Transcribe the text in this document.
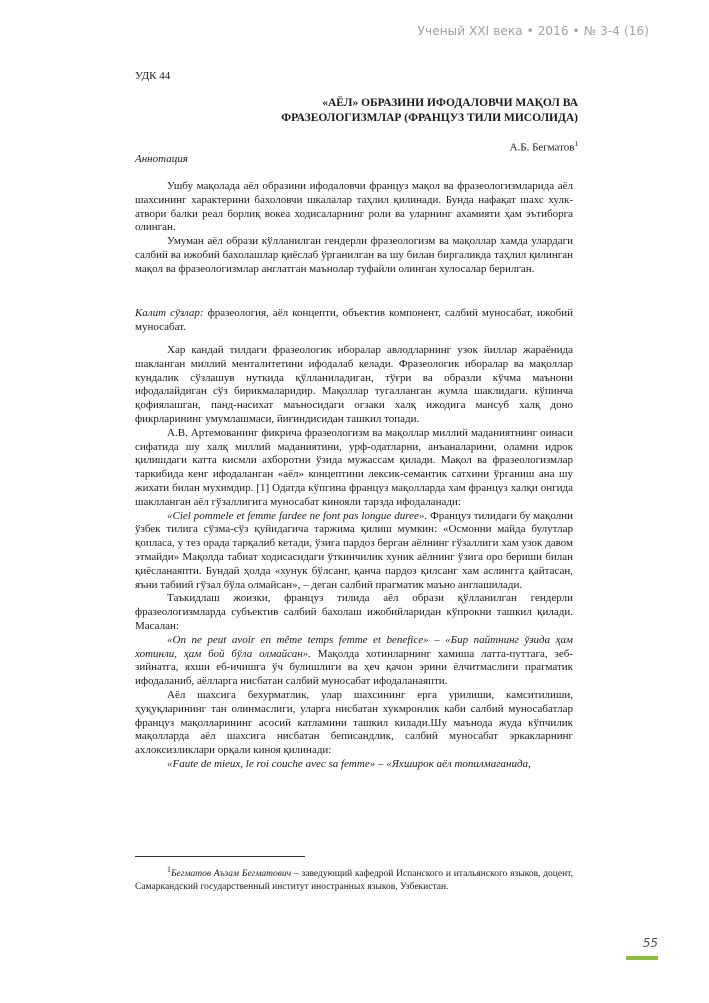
Ученый XXI века • 2016 • № 3-4 (16)
УДК 44
«АЁЛ» ОБРАЗИНИ ИФОДАЛОВЧИ МАҚОЛ ВА
ФРАЗЕОЛОГИЗМЛАР (ФРАНЦУЗ ТИЛИ МИСОЛИДА)
А.Б. Бегматов$^1$
Аннотация

Ушбу мақолада аёл образини ифодаловчи француз мақол ва фразеологизмларида аёл шахсининг характерини бахоловчи шкалалар таҳлил қилинади. Бунда нафақат шахс хулк-атвори балки реал борлиқ вокеа ходисаларнинг роли ва уларнинг ахамияти ҳам эътиборга олинган.

Умуман аёл образи кўлланилган гендерли фразеологизм ва мақоллар хамда улардаги салбий ва ижобий бахолашлар қиёслаб ўрганилган ва шу билан биргаликда таҳлил қилинган мақол ва фразеологизмлар англатган маънолар туфайли олинган хулосалар берилган.

Калит сўзлар: фразеология, аёл концепти, объектив компонент, салбий муносабат, ижобий муносабат.

Хар кандай тилдаги фразеологик иборалар авлодларнинг узок йиллар жараёнида шакланган миллий менталитетини ифодалаб келади. Фразеологик иборалар ва мақоллар кундалик сўзлашув нуткида қўлланиладиган, тўғри ва образли кўчма маънони ифодалайдиган сўз бирикмаларидир. Мақоллар тугалланган жумла шаклидаги. кўпинча қофиялашган, панд-насихат маъносидаги огзаки халқ ижодига мансуб халқ доно фикрларининг умумлашмаси, йиғиндисидан ташкил топади.

А.В. Артемованинг фикрича фразеологизм ва мақоллар миллий маданиятнинг оинаси сифатида шу халқ миллий маданиятини, урф-одатларни, анъаналарини, оламни идрок қилишдаги катта кисмли ахборотни ўзида мужассам қилади. Мақол ва фразеологизмлар таркибида кенг ифодаланган «аёл» концептини лексик-семантик сатхини ўрганиш ана шу жихати билан мухимдир. [1] Одатда кўпгина француз мақолларда хам француз халқи онгида шаклланган аёл гўзаллигига муносабат кинояли тарзда ифодаланади:

«Ciel pommele et femme fardee ne font pas longue duree». Француз тилидаги бу мақолни ўзбек тилига сўзма-сўз қуйидагича таржима қилиш мумкин: «Осмонни майда булутлар қопласа, у тез орада тарқалиб кетади, ўзига пардоз берган аёлнинг гўзаллиги хам узок давом этмайди» Мақолда табиат ходисасидаги ўткинчилик хуник аёлнинг ўзига оро бериши билан қиёсланаяпти. Бундай ҳолда «хунук бўлсанг, қанча пардоз қилсанг хам аслингга қайтасан, яъни табиий гўзал бўла олмайсан», – деган салбий прагматик маъно англашилади.

Таъкидлаш жоизки, француз тилида аёл образи қўлланилган гендерли фразеологизмларда субъектив салбий бахолаш ижобийларидан кўпрокни ташкил қилади. Масалан:

«On ne peut avoir en même temps femme et benefice» – «Бир пайтнинг ўзида ҳам хотинли, ҳам бой бўла олмайсан». Мақолда хотинларнинг хамиша латта-путтага, зеб-зийнатга, яхши еб-ичишга ўч булишлиги ва ҳеч қачон эрини ёлчитмаслиги прагматик ифодаланиб, аёлларга нисбатан салбий муносабат ифодаланаяпти.

Аёл шахсига бехурматлик, улар шахсининг ерга урилиши, камситилиши, ҳуқуқларининг тан олинмаслиги, уларга нисбатан хукмронлик каби салбий муносабатлар француз мақолларининг асосий катламини ташкил килади.Шу маънода жуда кўпчилик мақолларда аёл шахсига нисбатан беписандлик, салбий муносабат эркакларнинг ахлоксизликлари орқали киноя қилинади:

«Faute de mieux, le roi couche avec sa femme» – «Яхширок аёл топилмаганида,

$^1$Бегматов Аъзам Бегматович – заведующий кафедрой Испанского и итальянского языков, доцент, Самаркандский государственный институт иностранных языков, Узбекистан.

55
